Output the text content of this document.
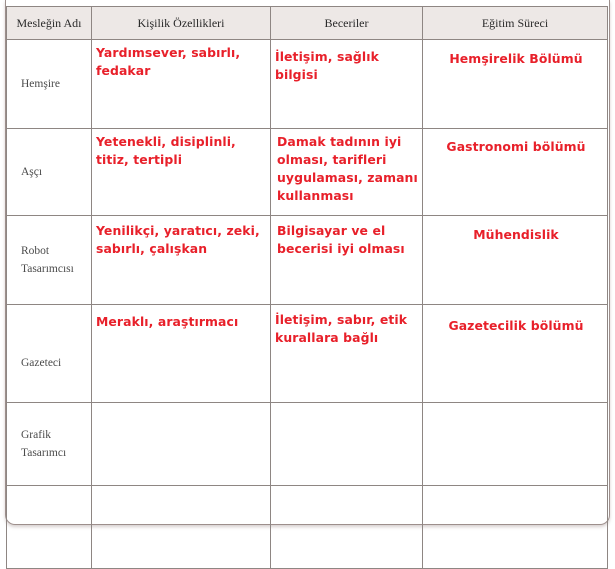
Mesleğin Adı	Kişilik Özellikleri	Beceriler	Eğitim Süreci
Hemşire	Yardımsever, sabırlı, fedakar	İletişim, sağlık bilgisi	Hemşirelik Bölümü
Aşçı	Yetenekli, disiplinli, titiz, tertipli	Damak tadının iyi olması, tarifleri uygulaması, zamanı kullanması	Gastronomi bölümü
Robot Tasarımcısı	Yenilikçi, yaratıcı, zeki, sabırlı, çalışkan	Bilgisayar ve el becerisi iyi olması	Mühendislik
Gazeteci	Meraklı, araştırmacı	İletişim, sabır, etik kurallara bağlı	Gazetecilik bölümü
Grafik Tasarımcı			
